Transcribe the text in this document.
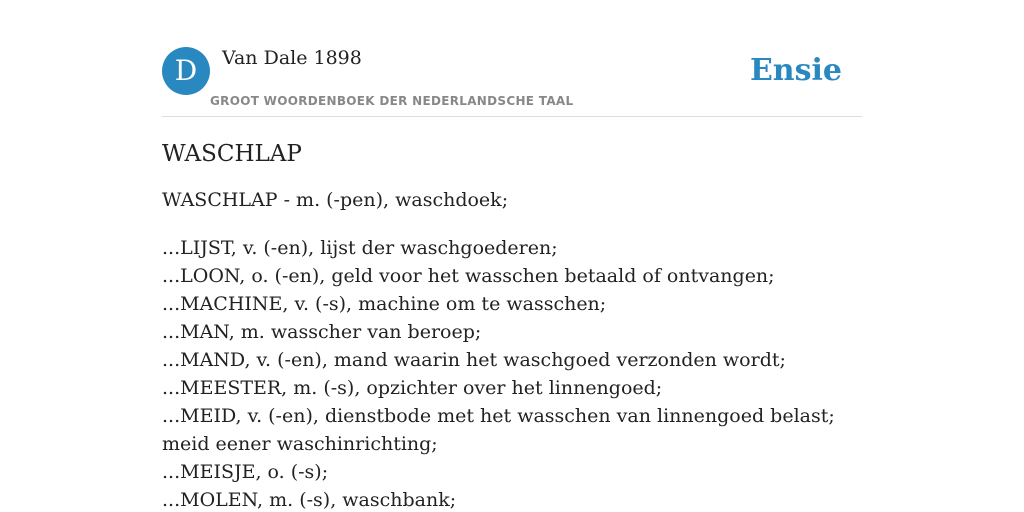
D	Van Dale 1898
GROOT WOORDENBOEK DER NEDERLANDSCHE TAAL
Ensie
WASCHLAP

WASCHLAP - m. (-pen), waschdoek;

...LIJST, v. (-en), lijst der waschgoederen;
...LOON, o. (-en), geld voor het wasschen betaald of ontvangen;
...MACHINE, v. (-s), machine om te wasschen;
...MAN, m. wasscher van beroep;
...MAND, v. (-en), mand waarin het waschgoed verzonden wordt;
...MEESTER, m. (-s), opzichter over het linnengoed;
...MEID, v. (-en), dienstbode met het wasschen van linnengoed belast; meid eener waschinrichting;
...MEISJE, o. (-s);
...MOLEN, m. (-s), waschbank;
